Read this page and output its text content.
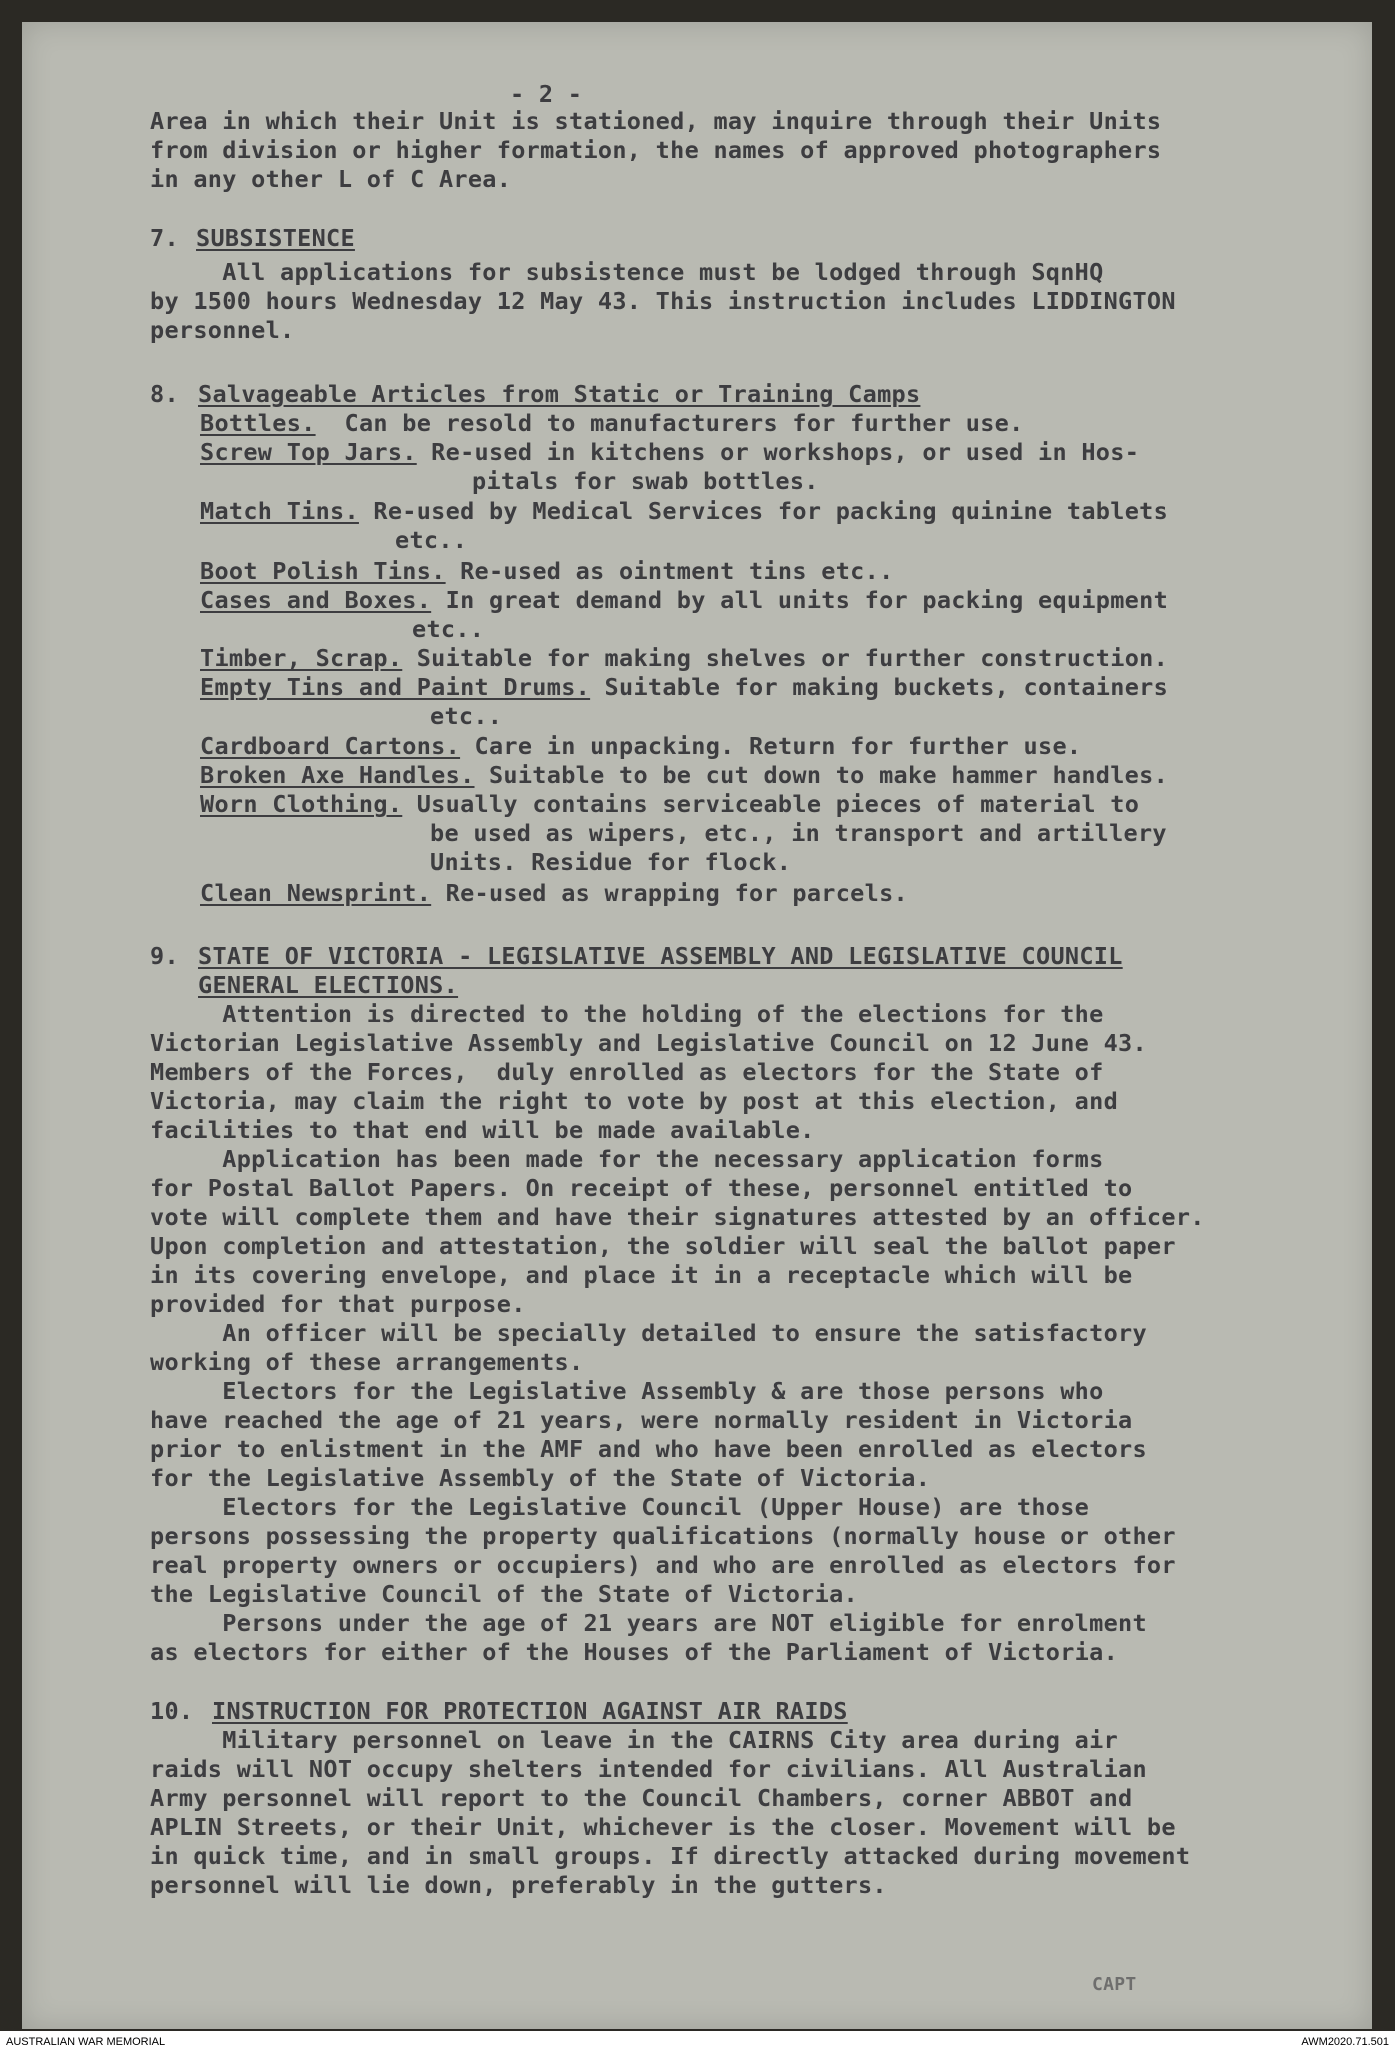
- 2 -
Area in which their Unit is stationed, may inquire through their Units
from division or higher formation, the names of approved photographers
in any other L of C Area.
7. SUBSISTENCE
All applications for subsistence must be lodged through SqnHQ
by 1500 hours Wednesday 12 May 43. This instruction includes LIDDINGTON
personnel.
8. Salvageable Articles from Static or Training Camps
Bottles.  Can be resold to manufacturers for further use.
Screw Top Jars. Re-used in kitchens or workshops, or used in Hos-
pitals for swab bottles.
Match Tins. Re-used by Medical Services for packing quinine tablets
etc..
Boot Polish Tins. Re-used as ointment tins etc..
Cases and Boxes. In great demand by all units for packing equipment
etc..
Timber, Scrap. Suitable for making shelves or further construction.
Empty Tins and Paint Drums. Suitable for making buckets, containers
etc..
Cardboard Cartons. Care in unpacking. Return for further use.
Broken Axe Handles. Suitable to be cut down to make hammer handles.
Worn Clothing. Usually contains serviceable pieces of material to
be used as wipers, etc., in transport and artillery
Units. Residue for flock.
Clean Newsprint. Re-used as wrapping for parcels.
9. STATE OF VICTORIA - LEGISLATIVE ASSEMBLY AND LEGISLATIVE COUNCIL
GENERAL ELECTIONS.
Attention is directed to the holding of the elections for the
Victorian Legislative Assembly and Legislative Council on 12 June 43.
Members of the Forces,  duly enrolled as electors for the State of
Victoria, may claim the right to vote by post at this election, and
facilities to that end will be made available.
Application has been made for the necessary application forms
for Postal Ballot Papers. On receipt of these, personnel entitled to
vote will complete them and have their signatures attested by an officer.
Upon completion and attestation, the soldier will seal the ballot paper
in its covering envelope, and place it in a receptacle which will be
provided for that purpose.
An officer will be specially detailed to ensure the satisfactory
working of these arrangements.
Electors for the Legislative Assembly & are those persons who
have reached the age of 21 years, were normally resident in Victoria
prior to enlistment in the AMF and who have been enrolled as electors
for the Legislative Assembly of the State of Victoria.
Electors for the Legislative Council (Upper House) are those
persons possessing the property qualifications (normally house or other
real property owners or occupiers) and who are enrolled as electors for
the Legislative Council of the State of Victoria.
Persons under the age of 21 years are NOT eligible for enrolment
as electors for either of the Houses of the Parliament of Victoria.
10. INSTRUCTION FOR PROTECTION AGAINST AIR RAIDS
Military personnel on leave in the CAIRNS City area during air
raids will NOT occupy shelters intended for civilians. All Australian
Army personnel will report to the Council Chambers, corner ABBOT and
APLIN Streets, or their Unit, whichever is the closer. Movement will be
in quick time, and in small groups. If directly attacked during movement
personnel will lie down, preferably in the gutters.
CAPT
AUSTRALIAN WAR MEMORIAL	AWM2020.71.501
